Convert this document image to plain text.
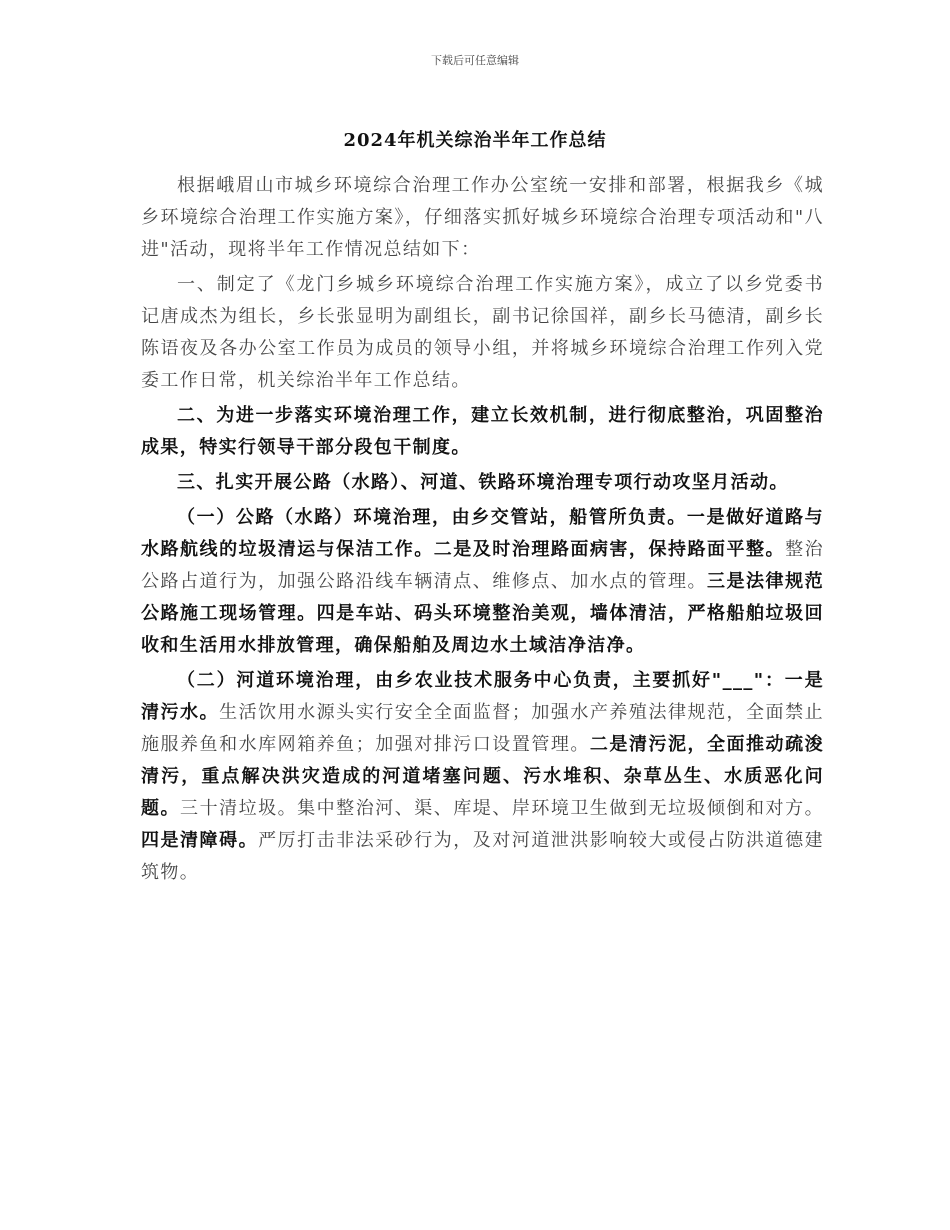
下载后可任意编辑
2024年机关综治半年工作总结

根据峨眉山市城乡环境综合治理工作办公室统一安排和部署，根据我乡《城乡环境综合治理工作实施方案》，仔细落实抓好城乡环境综合治理专项活动和"八进"活动，现将半年工作情况总结如下：

一、制定了《龙门乡城乡环境综合治理工作实施方案》，成立了以乡党委书记唐成杰为组长，乡长张显明为副组长，副书记徐国祥，副乡长马德清，副乡长陈语夜及各办公室工作员为成员的领导小组，并将城乡环境综合治理工作列入党委工作日常，机关综治半年工作总结。

二、为进一步落实环境治理工作，建立长效机制，进行彻底整治，巩固整治成果，特实行领导干部分段包干制度。

三、扎实开展公路（水路）、河道、铁路环境治理专项行动攻坚月活动。

（一）公路（水路）环境治理，由乡交管站，船管所负责。一是做好道路与水路航线的垃圾清运与保洁工作。二是及时治理路面病害，保持路面平整。整治公路占道行为，加强公路沿线车辆清点、维修点、加水点的管理。三是法律规范公路施工现场管理。四是车站、码头环境整治美观，墙体清洁，严格船舶垃圾回收和生活用水排放管理，确保船舶及周边水土域洁净洁净。

（二）河道环境治理，由乡农业技术服务中心负责，主要抓好"___"：一是清污水。生活饮用水源头实行安全全面监督；加强水产养殖法律规范，全面禁止施服养鱼和水库网箱养鱼；加强对排污口设置管理。二是清污泥，全面推动疏浚清污，重点解决洪灾造成的河道堵塞问题、污水堆积、杂草丛生、水质恶化问题。三十清垃圾。集中整治河、渠、库堤、岸环境卫生做到无垃圾倾倒和对方。四是清障碍。严厉打击非法采砂行为，及对河道泄洪影响较大或侵占防洪道德建筑物。
